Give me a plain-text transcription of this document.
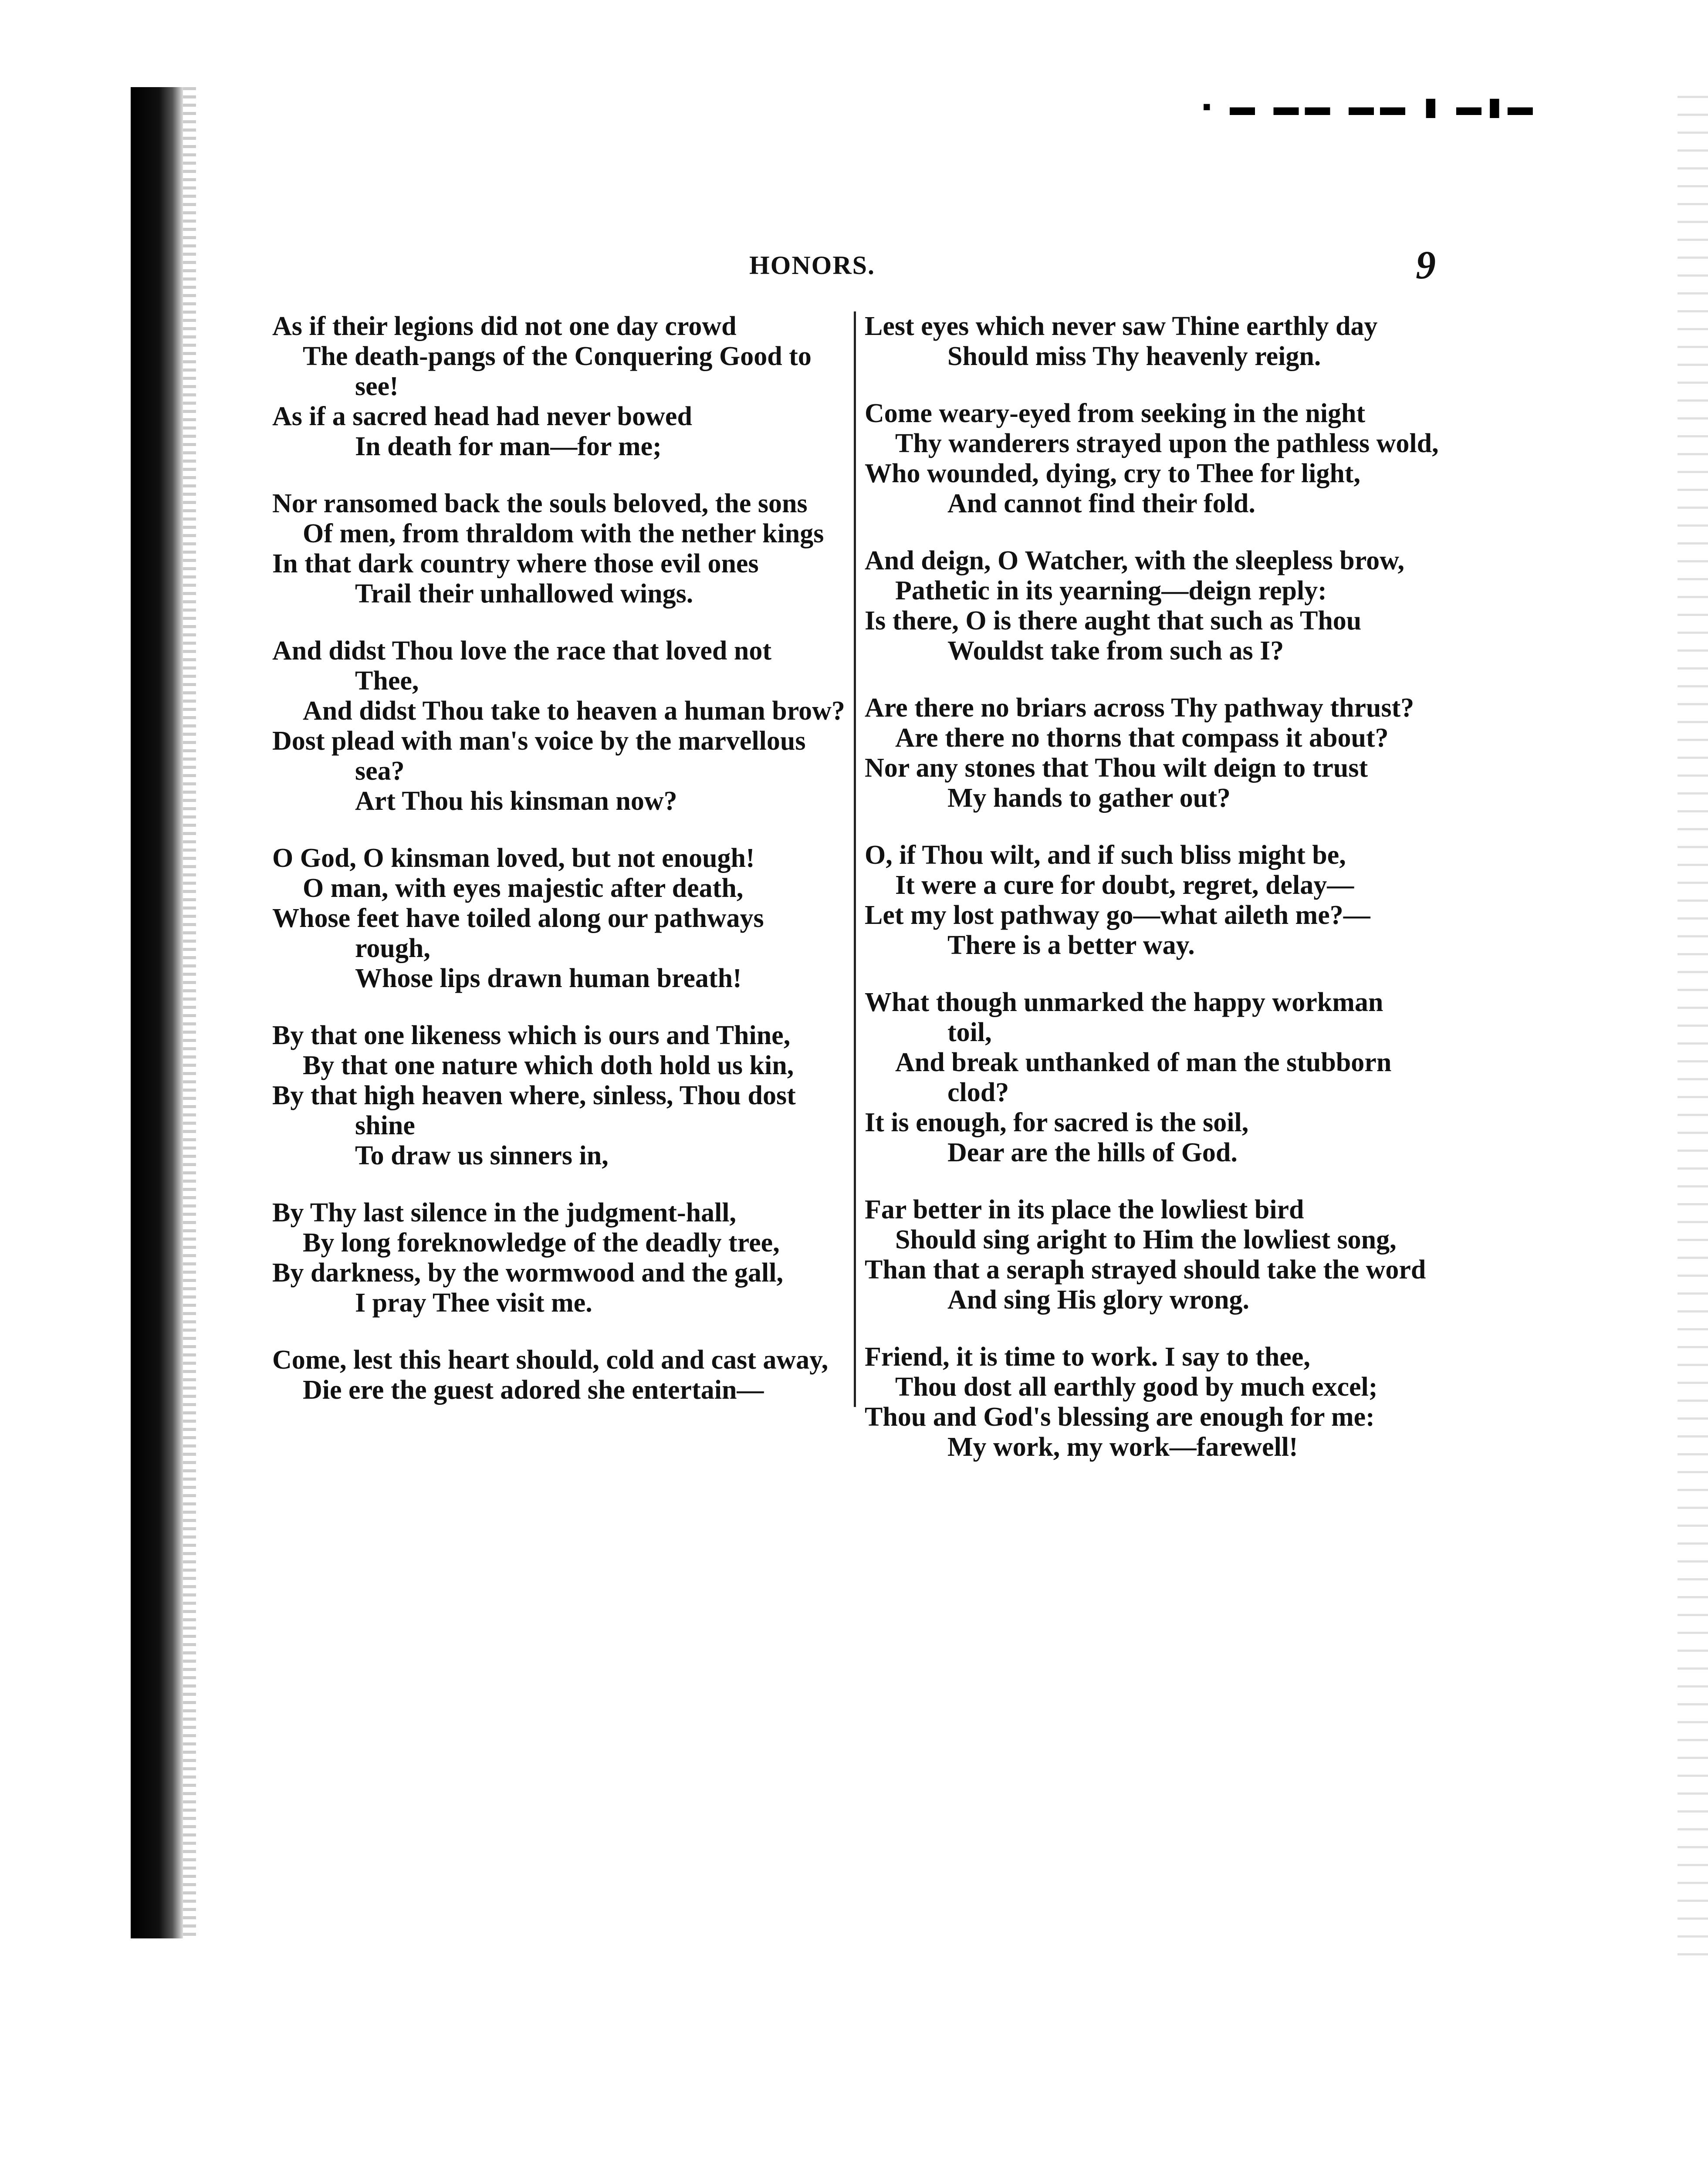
▪ ▬ ▬▬ ▬▬ ▮ ▬▮▬
HONORS.	9
As if their legions did not one day crowd
The death-pangs of the Conquering Good to
see!
As if a sacred head had never bowed
In death for man—for me;
Nor ransomed back the souls beloved, the sons
Of men, from thraldom with the nether kings
In that dark country where those evil ones
Trail their unhallowed wings.
And didst Thou love the race that loved not
Thee,
And didst Thou take to heaven a human brow?
Dost plead with man's voice by the marvellous
sea?
Art Thou his kinsman now?
O God, O kinsman loved, but not enough!
O man, with eyes majestic after death,
Whose feet have toiled along our pathways
rough,
Whose lips drawn human breath!
By that one likeness which is ours and Thine,
By that one nature which doth hold us kin,
By that high heaven where, sinless, Thou dost
shine
To draw us sinners in,
By Thy last silence in the judgment-hall,
By long foreknowledge of the deadly tree,
By darkness, by the wormwood and the gall,
I pray Thee visit me.
Come, lest this heart should, cold and cast away,
Die ere the guest adored she entertain—
Lest eyes which never saw Thine earthly day
Should miss Thy heavenly reign.
Come weary-eyed from seeking in the night
Thy wanderers strayed upon the pathless wold,
Who wounded, dying, cry to Thee for light,
And cannot find their fold.
And deign, O Watcher, with the sleepless brow,
Pathetic in its yearning—deign reply:
Is there, O is there aught that such as Thou
Wouldst take from such as I?
Are there no briars across Thy pathway thrust?
Are there no thorns that compass it about?
Nor any stones that Thou wilt deign to trust
My hands to gather out?
O, if Thou wilt, and if such bliss might be,
It were a cure for doubt, regret, delay—
Let my lost pathway go—what aileth me?—
There is a better way.
What though unmarked the happy workman
toil,
And break unthanked of man the stubborn
clod?
It is enough, for sacred is the soil,
Dear are the hills of God.
Far better in its place the lowliest bird
Should sing aright to Him the lowliest song,
Than that a seraph strayed should take the word
And sing His glory wrong.
Friend, it is time to work. I say to thee,
Thou dost all earthly good by much excel;
Thou and God's blessing are enough for me:
My work, my work—farewell!
